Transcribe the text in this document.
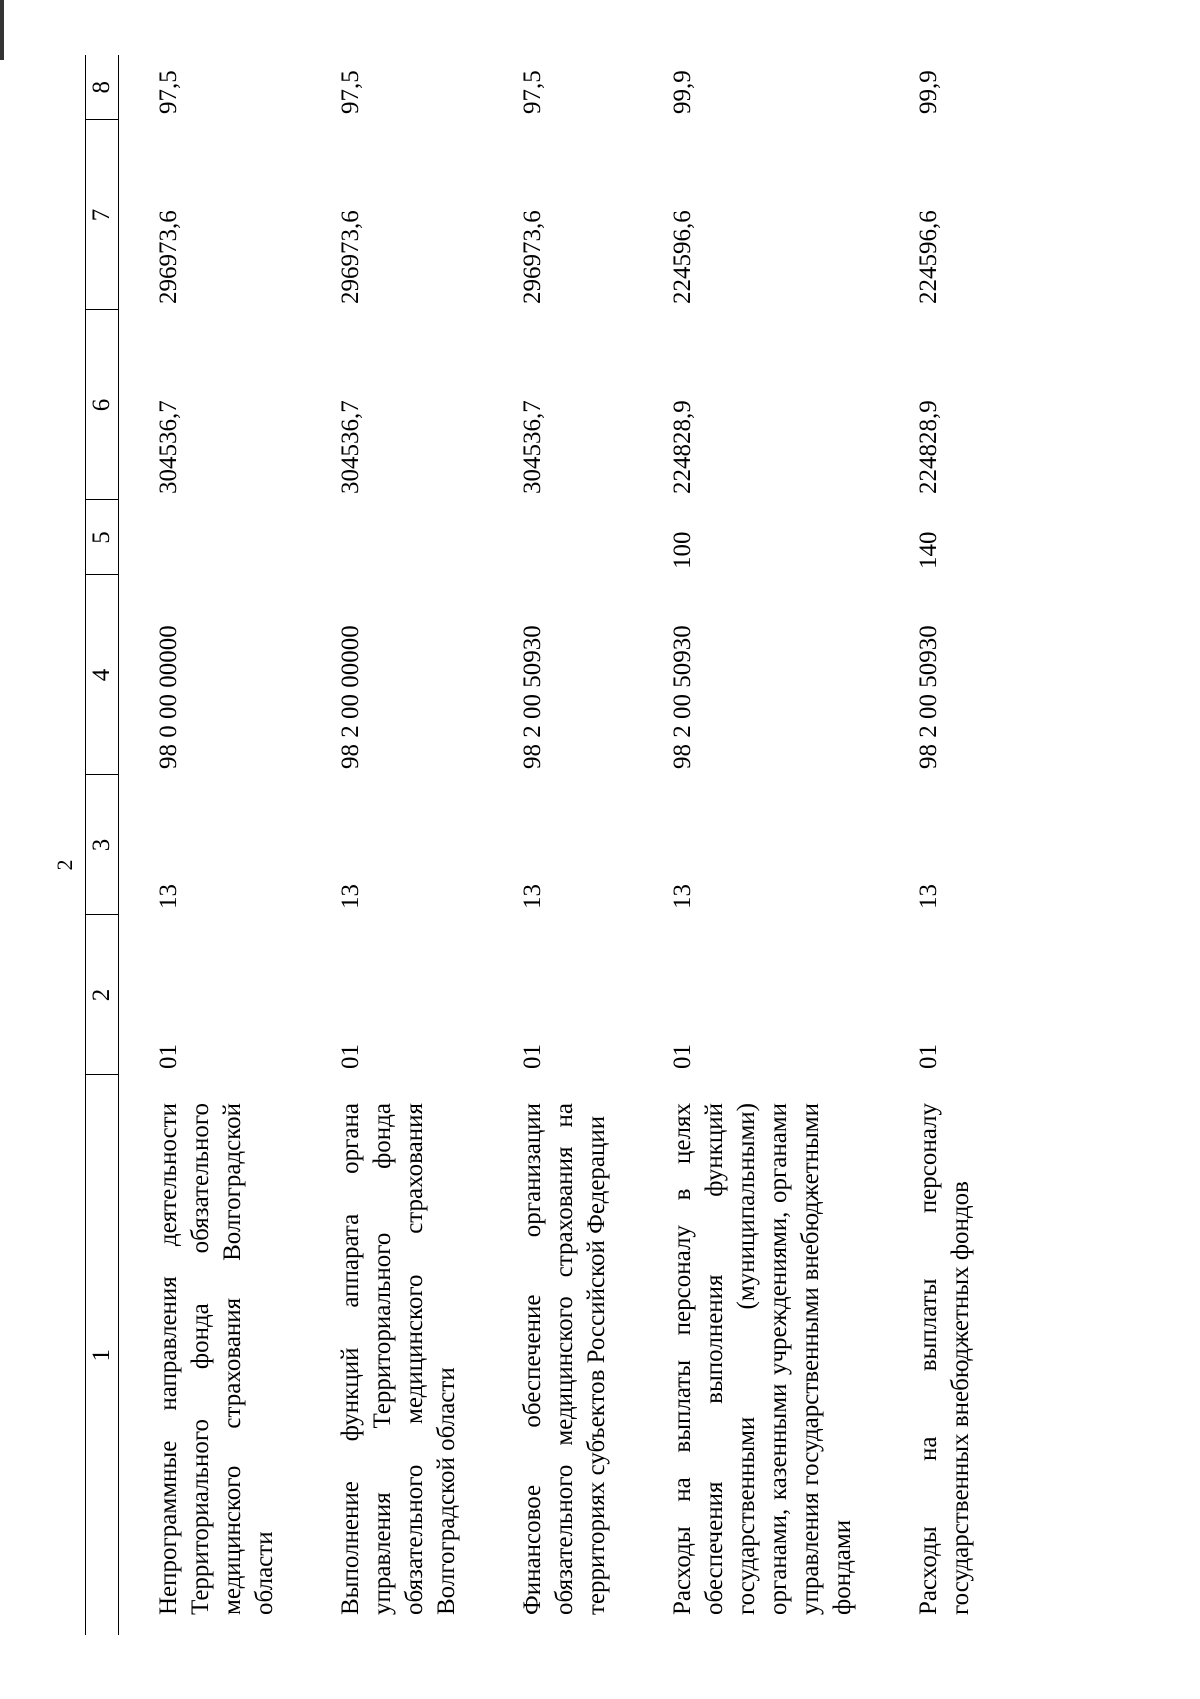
2
1	2	3	4	5	6	7	8
Непрограммные направления деятельности Территориального фонда обязательного медицинского страхования Волгоградской области	01	13	98 0 00 00000		304536,7	296973,6	97,5
Выполнение функций аппарата органа управления Территориального фонда обязательного медицинского страхования Волгоградской области	01	13	98 2 00 00000		304536,7	296973,6	97,5
Финансовое обеспечение организации обязательного медицинского страхования на территориях субъектов Российской Федерации	01	13	98 2 00 50930		304536,7	296973,6	97,5
Расходы на выплаты персоналу в целях обеспечения выполнения функций государственными (муниципальными) органами, казенными учреждениями, органами управления государственными внебюджетными фондами	01	13	98 2 00 50930	100	224828,9	224596,6	99,9
Расходы на выплаты персоналу государственных внебюджетных фондов	01	13	98 2 00 50930	140	224828,9	224596,6	99,9
